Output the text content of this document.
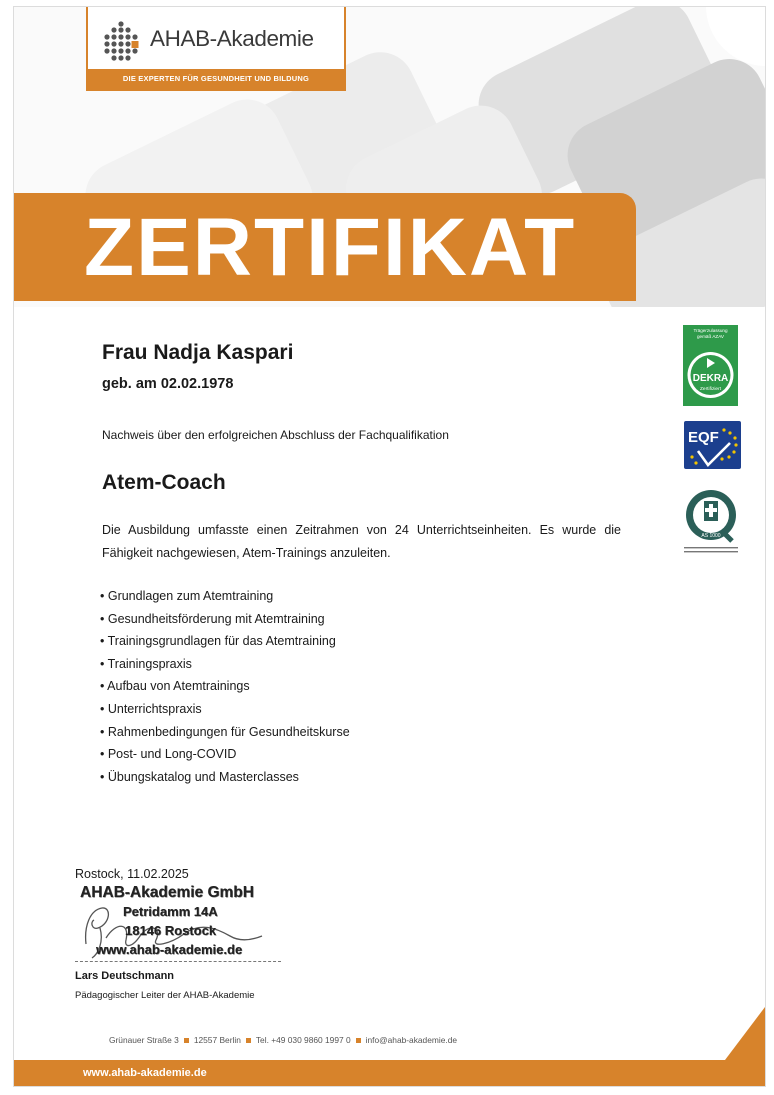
AHAB-Akademie
DIE EXPERTEN FÜR GESUNDHEIT UND BILDUNG
ZERTIFIKAT
Frau Nadja Kaspari
geb. am 02.02.1978
Nachweis über den erfolgreichen Abschluss der Fachqualifikation
Atem-Coach
Die Ausbildung umfasste einen Zeitrahmen von 24 Unterrichtseinheiten. Es wurde die Fähigkeit nachgewiesen, Atem-Trainings anzuleiten.
• Grundlagen zum Atemtraining
• Gesundheitsförderung mit Atemtraining
• Trainingsgrundlagen für das Atemtraining
• Trainingspraxis
• Aufbau von Atemtrainings
• Unterrichtspraxis
• Rahmenbedingungen für Gesundheitskurse
• Post- und Long-COVID
• Übungskatalog und Masterclasses
Trägerzulassung
gemäß AZAV
DEKRA
Zertifiziert
EQF
AS 1000
Rostock, 11.02.2025
AHAB-Akademie GmbH
Petridamm 14A
18146 Rostock
www.ahab-akademie.de
Lars Deutschmann
Pädagogischer Leiter der AHAB-Akademie
Grünauer Straße 3 12557 Berlin Tel. +49 030 9860 1997 0 info@ahab-akademie.de
www.ahab-akademie.de
